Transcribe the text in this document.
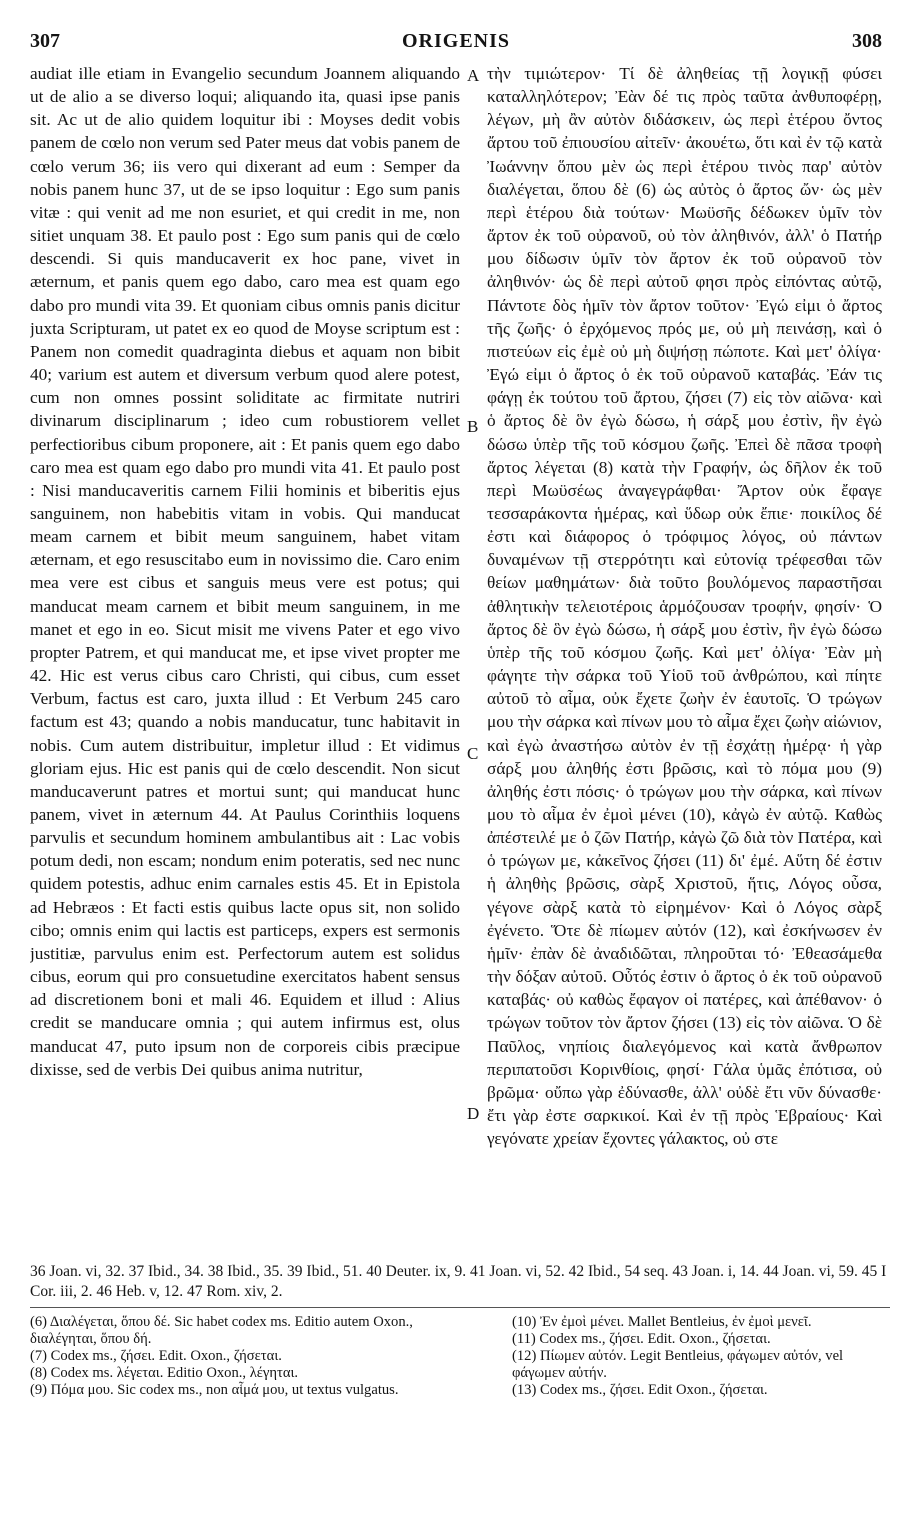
307	ORIGENIS	308

audiat ille etiam in Evangelio secundum Joannem aliquando ut de alio a se diverso loqui; aliquando ita, quasi ipse panis sit. Ac ut de alio quidem loquitur ibi : Moyses dedit vobis panem de cœlo non verum sed Pater meus dat vobis panem de cœlo verum 36; iis vero qui dixerant ad eum : Semper da nobis panem hunc 37, ut de se ipso loquitur : Ego sum panis vitæ : qui venit ad me non esuriet, et qui credit in me, non sitiet unquam 38. Et paulo post : Ego sum panis qui de cœlo descendi. Si quis manducaverit ex hoc pane, vivet in æternum, et panis quem ego dabo, caro mea est quam ego dabo pro mundi vita 39. Et quoniam cibus omnis panis dicitur juxta Scripturam, ut patet ex eo quod de Moyse scriptum est : Panem non comedit quadraginta diebus et aquam non bibit 40; varium est autem et diversum verbum quod alere potest, cum non omnes possint soliditate ac firmitate nutriri divinarum disciplinarum ; ideo cum robustiorem vellet perfectioribus cibum proponere, ait : Et panis quem ego dabo caro mea est quam ego dabo pro mundi vita 41. Et paulo post : Nisi manducaveritis carnem Filii hominis et biberitis ejus sanguinem, non habebitis vitam in vobis. Qui manducat meam carnem et bibit meum sanguinem, habet vitam æternam, et ego resuscitabo eum in novissimo die. Caro enim mea vere est cibus et sanguis meus vere est potus; qui manducat meam carnem et bibit meum sanguinem, in me manet et ego in eo. Sicut misit me vivens Pater et ego vivo propter Patrem, et qui manducat me, et ipse vivet propter me 42. Hic est verus cibus caro Christi, qui cibus, cum esset Verbum, factus est caro, juxta illud : Et Verbum 245 caro factum est 43; quando a nobis manducatur, tunc habitavit in nobis. Cum autem distribuitur, impletur illud : Et vidimus gloriam ejus. Hic est panis qui de cœlo descendit. Non sicut manducaverunt patres et mortui sunt; qui manducat hunc panem, vivet in æternum 44. At Paulus Corinthiis loquens parvulis et secundum hominem ambulantibus ait : Lac vobis potum dedi, non escam; nondum enim poteratis, sed nec nunc quidem potestis, adhuc enim carnales estis 45. Et in Epistola ad Hebræos : Et facti estis quibus lacte opus sit, non solido cibo; omnis enim qui lactis est particeps, expers est sermonis justitiæ, parvulus enim est. Perfectorum autem est solidus cibus, eorum qui pro consuetudine exercitatos habent sensus ad discretionem boni et mali 46. Equidem et illud : Alius credit se manducare omnia ; qui autem infirmus est, olus manducat 47, puto ipsum non de corporeis cibis præcipue dixisse, sed de verbis Dei quibus anima nutritur,

A
B
C
D

τὴν τιμιώτερον· Τί δὲ ἀληθείας τῇ λογικῇ φύσει καταλληλότερον; Ἐὰν δέ τις πρὸς ταῦτα ἀνθυποφέρῃ, λέγων, μὴ ἂν αὐτὸν διδάσκειν, ὡς περὶ ἑτέρου ὄντος ἄρτου τοῦ ἐπιουσίου αἰτεῖν· ἀκουέτω, ὅτι καὶ ἐν τῷ κατὰ Ἰωάννην ὅπου μὲν ὡς περὶ ἑτέρου τινὸς παρ' αὐτὸν διαλέγεται, ὅπου δὲ (6) ὡς αὐτὸς ὁ ἄρτος ὤν· ὡς μὲν περὶ ἑτέρου διὰ τούτων· Μωϋσῆς δέδωκεν ὑμῖν τὸν ἄρτον ἐκ τοῦ οὐρανοῦ, οὐ τὸν ἀληθινόν, ἀλλ' ὁ Πατήρ μου δίδωσιν ὑμῖν τὸν ἄρτον ἐκ τοῦ οὐρανοῦ τὸν ἀληθινόν· ὡς δὲ περὶ αὐτοῦ φησι πρὸς εἰπόντας αὐτῷ, Πάντοτε δὸς ἡμῖν τὸν ἄρτον τοῦτον· Ἐγώ εἰμι ὁ ἄρτος τῆς ζωῆς· ὁ ἐρχόμενος πρός με, οὐ μὴ πεινάσῃ, καὶ ὁ πιστεύων εἰς ἐμὲ οὐ μὴ διψήσῃ πώποτε. Καὶ μετ' ὀλίγα· Ἐγώ εἰμι ὁ ἄρτος ὁ ἐκ τοῦ οὐρανοῦ καταβάς. Ἐάν τις φάγῃ ἐκ τούτου τοῦ ἄρτου, ζήσει (7) εἰς τὸν αἰῶνα· καὶ ὁ ἄρτος δὲ ὃν ἐγὼ δώσω, ἡ σάρξ μου ἐστὶν, ἣν ἐγὼ δώσω ὑπὲρ τῆς τοῦ κόσμου ζωῆς. Ἐπεὶ δὲ πᾶσα τροφὴ ἄρτος λέγεται (8) κατὰ τὴν Γραφήν, ὡς δῆλον ἐκ τοῦ περὶ Μωϋσέως ἀναγεγράφθαι· Ἄρτον οὐκ ἔφαγε τεσσαράκοντα ἡμέρας, καὶ ὕδωρ οὐκ ἔπιε· ποικίλος δέ ἐστι καὶ διάφορος ὁ τρόφιμος λόγος, οὐ πάντων δυναμένων τῇ στερρότητι καὶ εὐτονίᾳ τρέφεσθαι τῶν θείων μαθημάτων· διὰ τοῦτο βουλόμενος παραστῆσαι ἀθλητικὴν τελειοτέροις ἁρμόζουσαν τροφήν, φησίν· Ὁ ἄρτος δὲ ὃν ἐγὼ δώσω, ἡ σάρξ μου ἐστὶν, ἣν ἐγὼ δώσω ὑπὲρ τῆς τοῦ κόσμου ζωῆς. Καὶ μετ' ὀλίγα· Ἐὰν μὴ φάγητε τὴν σάρκα τοῦ Υἱοῦ τοῦ ἀνθρώπου, καὶ πίητε αὐτοῦ τὸ αἷμα, οὐκ ἔχετε ζωὴν ἐν ἑαυτοῖς. Ὁ τρώγων μου τὴν σάρκα καὶ πίνων μου τὸ αἷμα ἔχει ζωὴν αἰώνιον, καὶ ἐγὼ ἀναστήσω αὐτὸν ἐν τῇ ἐσχάτῃ ἡμέρᾳ· ἡ γὰρ σάρξ μου ἀληθής ἐστι βρῶσις, καὶ τὸ πόμα μου (9) ἀληθής ἐστι πόσις· ὁ τρώγων μου τὴν σάρκα, καὶ πίνων μου τὸ αἷμα ἐν ἐμοὶ μένει (10), κἀγὼ ἐν αὐτῷ. Καθὼς ἀπέστειλέ με ὁ ζῶν Πατήρ, κἀγὼ ζῶ διὰ τὸν Πατέρα, καὶ ὁ τρώγων με, κἀκεῖνος ζήσει (11) δι' ἐμέ. Αὕτη δέ ἐστιν ἡ ἀληθὴς βρῶσις, σὰρξ Χριστοῦ, ἥτις, Λόγος οὖσα, γέγονε σὰρξ κατὰ τὸ εἰρημένον· Καὶ ὁ Λόγος σὰρξ ἐγένετο. Ὅτε δὲ πίωμεν αὐτόν (12), καὶ ἐσκήνωσεν ἐν ἡμῖν· ἐπὰν δὲ ἀναδιδῶται, πληροῦται τό· Ἐθεασάμεθα τὴν δόξαν αὐτοῦ. Οὗτός ἐστιν ὁ ἄρτος ὁ ἐκ τοῦ οὐρανοῦ καταβάς· οὐ καθὼς ἔφαγον οἱ πατέρες, καὶ ἀπέθανον· ὁ τρώγων τοῦτον τὸν ἄρτον ζήσει (13) εἰς τὸν αἰῶνα. Ὁ δὲ Παῦλος, νηπίοις διαλεγόμενος καὶ κατὰ ἄνθρωπον περιπατοῦσι Κορινθίοις, φησί· Γάλα ὑμᾶς ἐπότισα, οὐ βρῶμα· οὔπω γὰρ ἐδύνασθε, ἀλλ' οὐδὲ ἔτι νῦν δύνασθε· ἔτι γὰρ ἐστε σαρκικοί. Καὶ ἐν τῇ πρὸς Ἑβραίους· Καὶ γεγόνατε χρείαν ἔχοντες γάλακτος, οὐ στε

36 Joan. vi, 32. 37 Ibid., 34. 38 Ibid., 35. 39 Ibid., 51. 40 Deuter. ix, 9. 41 Joan. vi, 52. 42 Ibid., 54 seq. 43 Joan. i, 14. 44 Joan. vi, 59. 45 I Cor. iii, 2. 46 Heb. v, 12. 47 Rom. xiv, 2.
(6) Διαλέγεται, ὅπου δέ. Sic habet codex ms. Editio autem Oxon., διαλέγηται, ὅπου δή.
(7) Codex ms., ζήσει. Edit. Oxon., ζήσεται.
(8) Codex ms. λέγεται. Editio Oxon., λέγηται.
(9) Πόμα μου. Sic codex ms., non αἷμά μου, ut textus vulgatus.
(10) Ἐν ἐμοὶ μένει. Mallet Bentleius, ἐν ἐμοὶ μενεῖ.
(11) Codex ms., ζήσει. Edit. Oxon., ζήσεται.
(12) Πίωμεν αὐτόν. Legit Bentleius, φάγωμεν αὐτόν, vel φάγωμεν αὐτήν.
(13) Codex ms., ζήσει. Edit Oxon., ζήσεται.
